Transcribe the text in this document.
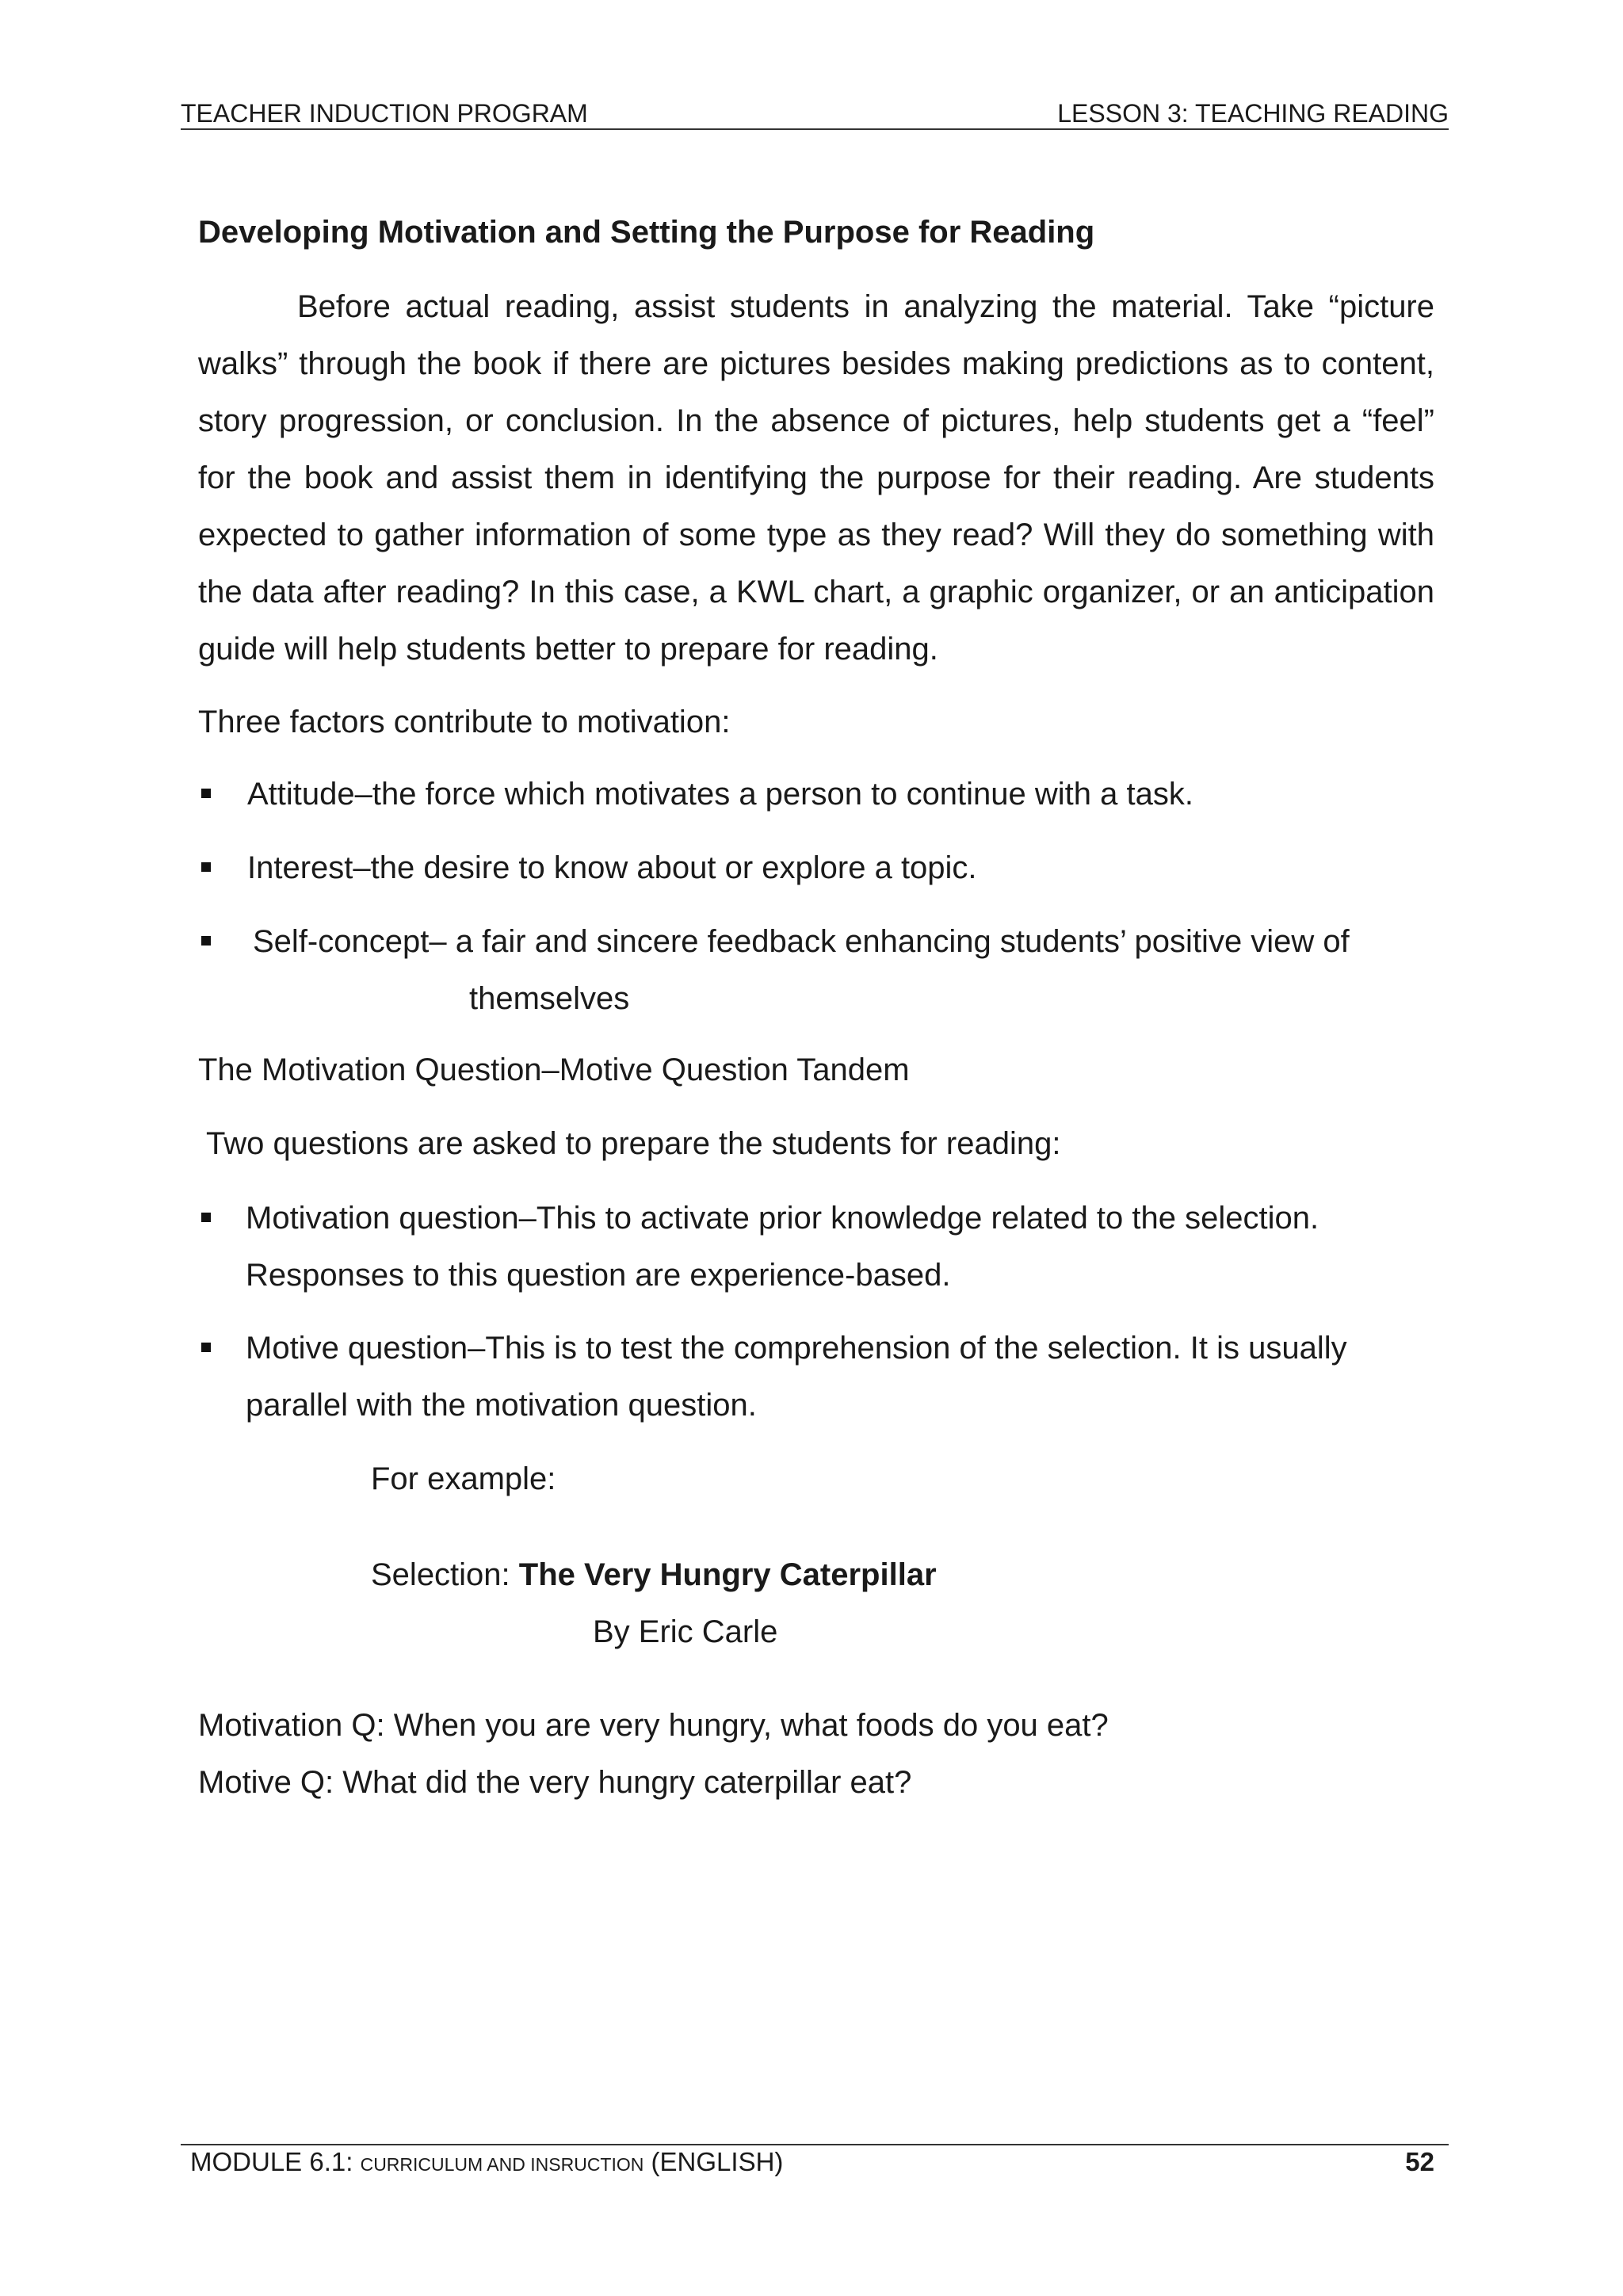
TEACHER INDUCTION PROGRAM	LESSON 3: TEACHING READING
Developing Motivation and Setting the Purpose for Reading
Before actual reading, assist students in analyzing the material. Take “picture walks” through the book if there are pictures besides making predictions as to content, story progression, or conclusion. In the absence of pictures, help students get a “feel” for the book and assist them in identifying the purpose for their reading. Are students expected to gather information of some type as they read? Will they do something with the data after reading? In this case, a KWL chart, a graphic organizer, or an anticipation guide will help students better to prepare for reading.
Three factors contribute to motivation:
Attitude–the force which motivates a person to continue with a task.
Interest–the desire to know about or explore a topic.
Self-concept– a fair and sincere feedback enhancing students’ positive view of
themselves
The Motivation Question–Motive Question Tandem
Two questions are asked to prepare the students for reading:
Motivation question–This to activate prior knowledge related to the selection.
Responses to this question are experience-based.
Motive question–This is to test the comprehension of the selection. It is usually
parallel with the motivation question.
For example:
Selection: The Very Hungry Caterpillar
By Eric Carle
Motivation Q: When you are very hungry, what foods do you eat?
Motive Q: What did the very hungry caterpillar eat?
MODULE 6.1: CURRICULUM AND INSRUCTION (ENGLISH)	52
